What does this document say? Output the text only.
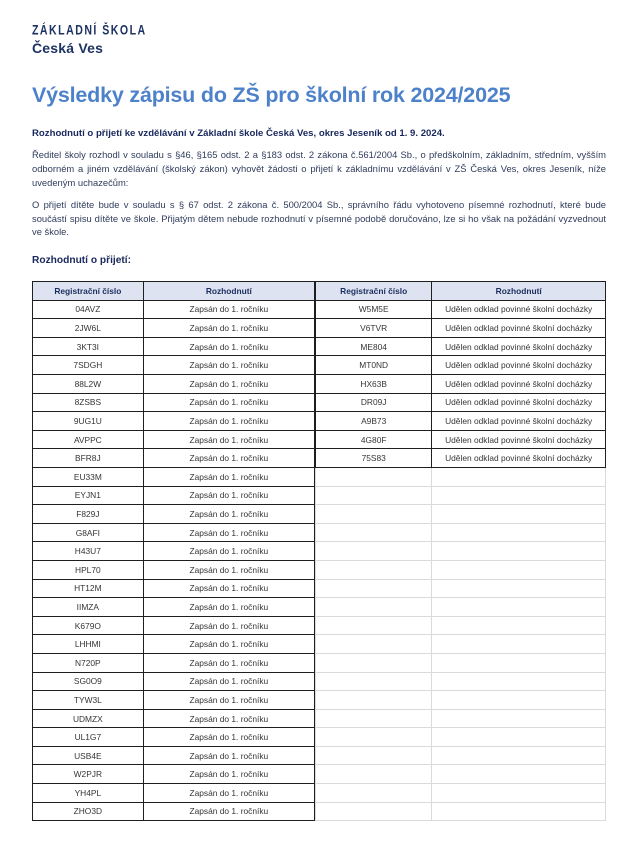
ZÁKLADNÍ ŠKOLA
Česká Ves
Výsledky zápisu do ZŠ pro školní rok 2024/2025

Rozhodnutí o přijetí ke vzdělávání v Základní škole Česká Ves, okres Jeseník od 1. 9. 2024.

Ředitel školy rozhodl v souladu s §46, §165 odst. 2 a §183 odst. 2 zákona č.561/2004 Sb., o předškolním, základním, středním, vyšším odborném a jiném vzdělávání (školský zákon) vyhovět žádosti o přijetí k základnímu vzdělávání v ZŠ Česká Ves, okres Jeseník, níže uvedeným uchazečům:

O přijetí dítěte bude v souladu s § 67 odst. 2 zákona č. 500/2004 Sb., správního řádu vyhotoveno písemné rozhodnutí, které bude součástí spisu dítěte ve škole. Přijatým dětem nebude rozhodnutí v písemné podobě doručováno, lze si ho však na požádání vyzvednout ve škole.

Rozhodnutí o přijetí:

Registrační číslo	Rozhodnutí
04AVZ	Zapsán do 1. ročníku
2JW6L	Zapsán do 1. ročníku
3KT3I	Zapsán do 1. ročníku
7SDGH	Zapsán do 1. ročníku
88L2W	Zapsán do 1. ročníku
8ZSBS	Zapsán do 1. ročníku
9UG1U	Zapsán do 1. ročníku
AVPPC	Zapsán do 1. ročníku
BFR8J	Zapsán do 1. ročníku
EU33M	Zapsán do 1. ročníku
EYJN1	Zapsán do 1. ročníku
F829J	Zapsán do 1. ročníku
G8AFI	Zapsán do 1. ročníku
H43U7	Zapsán do 1. ročníku
HPL70	Zapsán do 1. ročníku
HT12M	Zapsán do 1. ročníku
IIMZA	Zapsán do 1. ročníku
K679O	Zapsán do 1. ročníku
LHHMI	Zapsán do 1. ročníku
N720P	Zapsán do 1. ročníku
SG0O9	Zapsán do 1. ročníku
TYW3L	Zapsán do 1. ročníku
UDMZX	Zapsán do 1. ročníku
UL1G7	Zapsán do 1. ročníku
USB4E	Zapsán do 1. ročníku
W2PJR	Zapsán do 1. ročníku
YH4PL	Zapsán do 1. ročníku
ZHO3D	Zapsán do 1. ročníku
Registrační číslo	Rozhodnutí
W5M5E	Udělen odklad povinné školní docházky
V6TVR	Udělen odklad povinné školní docházky
ME804	Udělen odklad povinné školní docházky
MT0ND	Udělen odklad povinné školní docházky
HX63B	Udělen odklad povinné školní docházky
DR09J	Udělen odklad povinné školní docházky
A9B73	Udělen odklad povinné školní docházky
4G80F	Udělen odklad povinné školní docházky
75S83	Udělen odklad povinné školní docházky
